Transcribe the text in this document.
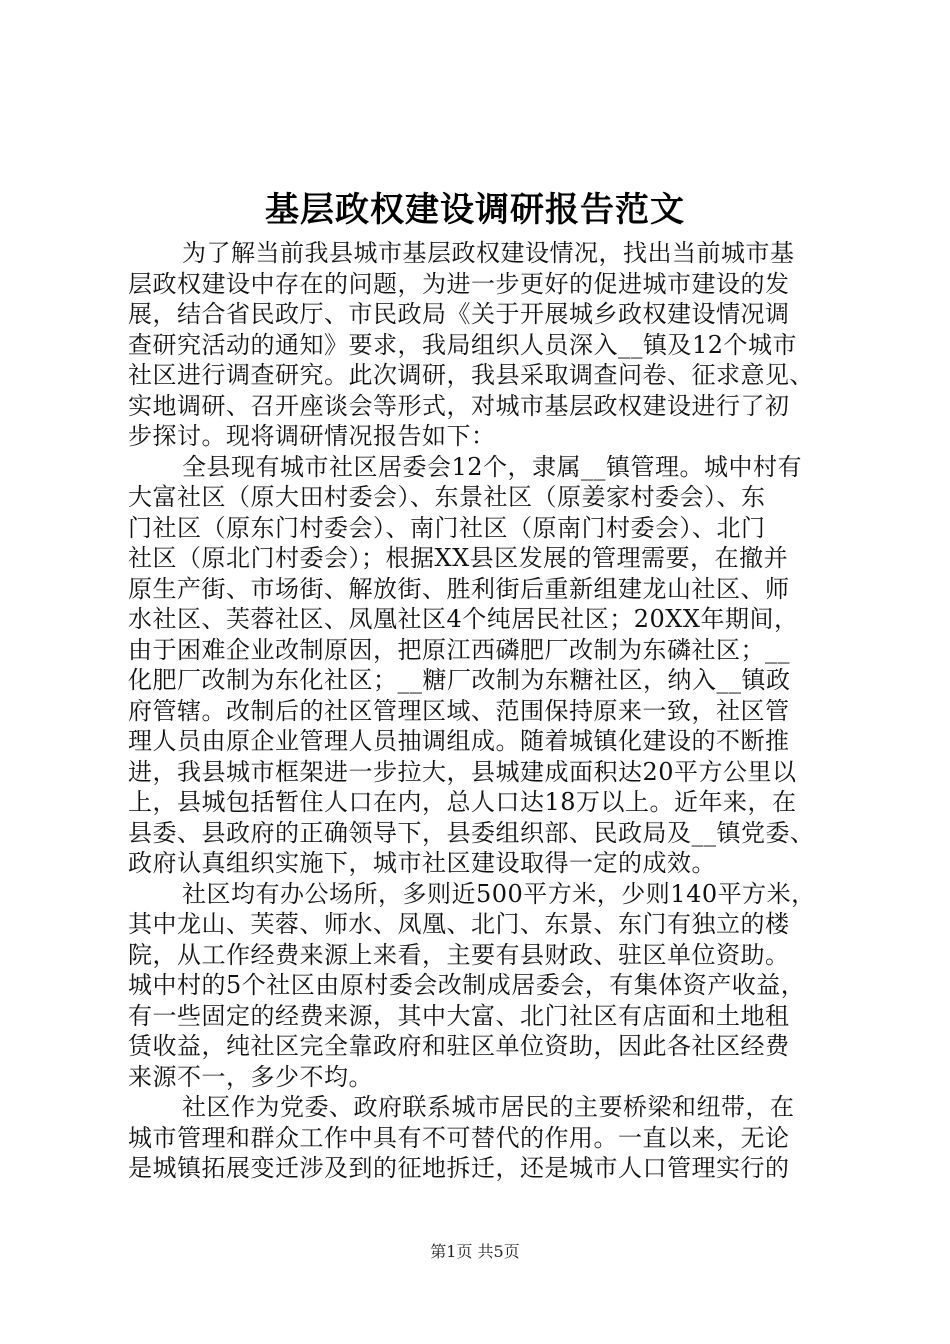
基层政权建设调研报告范文
为了解当前我县城市基层政权建设情况，找出当前城市基
层政权建设中存在的问题，为进一步更好的促进城市建设的发
展，结合省民政厅、市民政局《关于开展城乡政权建设情况调
查研究活动的通知》要求，我局组织人员深入__镇及12个城市
社区进行调查研究。此次调研，我县采取调查问卷、征求意见、
实地调研、召开座谈会等形式，对城市基层政权建设进行了初
步探讨。现将调研情况报告如下：
全县现有城市社区居委会12个，隶属__镇管理。城中村有
大富社区（原大田村委会）、东景社区（原姜家村委会）、东
门社区（原东门村委会）、南门社区（原南门村委会）、北门
社区（原北门村委会）；根据XX县区发展的管理需要，在撤并
原生产街、市场街、解放街、胜利街后重新组建龙山社区、师
水社区、芙蓉社区、凤凰社区4个纯居民社区；20XX年期间，
由于困难企业改制原因，把原江西磷肥厂改制为东磷社区；__
化肥厂改制为东化社区；__糖厂改制为东糖社区，纳入__镇政
府管辖。改制后的社区管理区域、范围保持原来一致，社区管
理人员由原企业管理人员抽调组成。随着城镇化建设的不断推
进，我县城市框架进一步拉大，县城建成面积达20平方公里以
上，县城包括暂住人口在内，总人口达18万以上。近年来，在
县委、县政府的正确领导下，县委组织部、民政局及__镇党委、
政府认真组织实施下，城市社区建设取得一定的成效。
社区均有办公场所，多则近500平方米，少则140平方米，
其中龙山、芙蓉、师水、凤凰、北门、东景、东门有独立的楼
院，从工作经费来源上来看，主要有县财政、驻区单位资助。
城中村的5个社区由原村委会改制成居委会，有集体资产收益，
有一些固定的经费来源，其中大富、北门社区有店面和土地租
赁收益，纯社区完全靠政府和驻区单位资助，因此各社区经费
来源不一，多少不均。
社区作为党委、政府联系城市居民的主要桥梁和纽带，在
城市管理和群众工作中具有不可替代的作用。一直以来，无论
是城镇拓展变迁涉及到的征地拆迁，还是城市人口管理实行的
第1页 共5页
